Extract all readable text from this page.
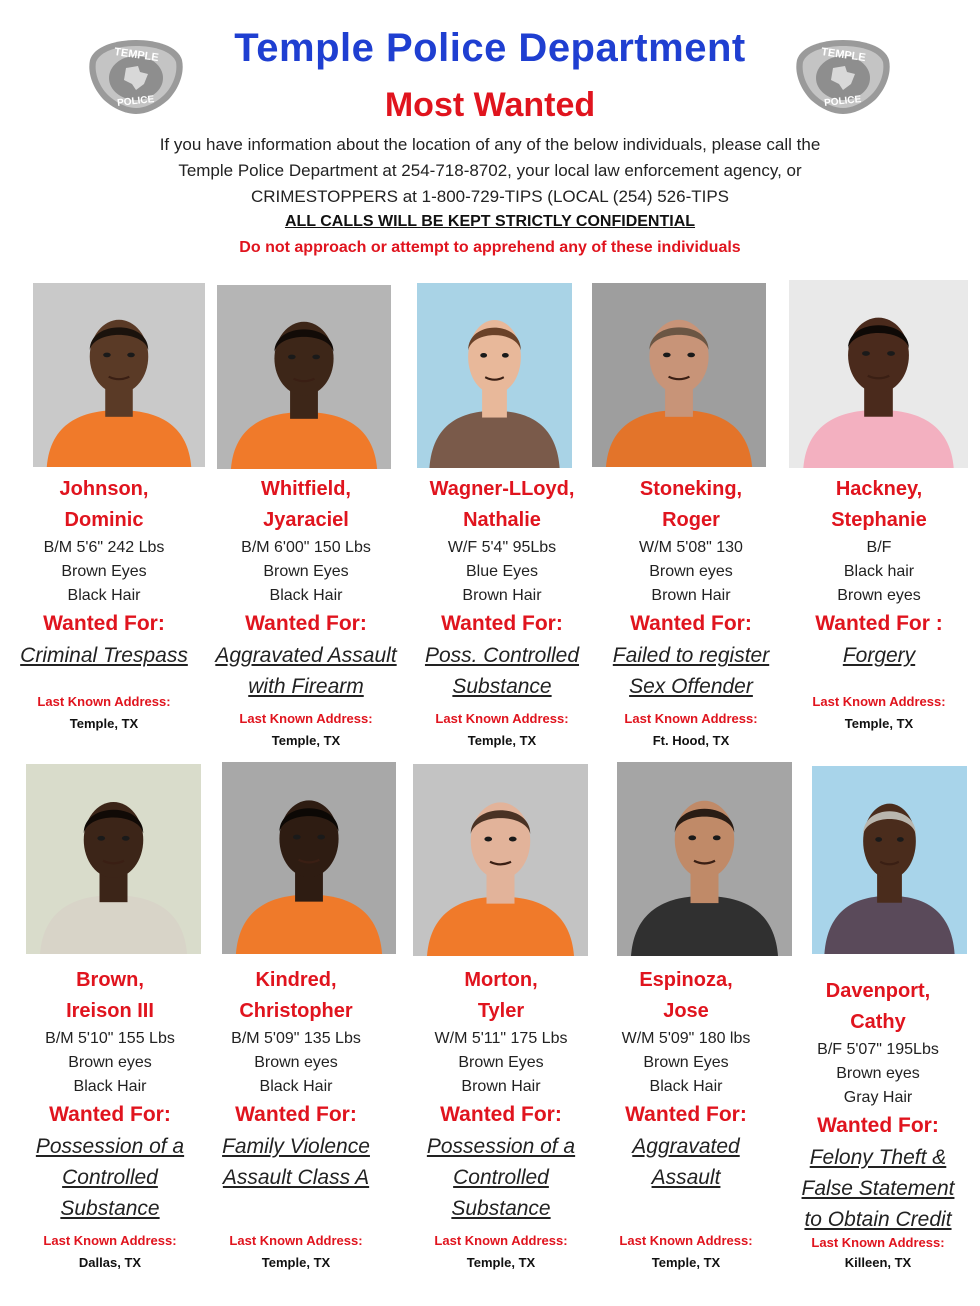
TEMPLE
POLICE
TEMPLE
POLICE
Temple Police Department
Most Wanted
If you have information about the location of any of the below individuals, please call the
Temple Police Department at 254-718-8702, your local law enforcement agency, or
CRIMESTOPPERS at 1-800-729-TIPS (LOCAL (254) 526-TIPS
ALL CALLS WILL BE KEPT STRICTLY CONFIDENTIAL
Do not approach or attempt to apprehend any of these individuals
Johnson,
Dominic
B/M 5'6" 242 Lbs
Brown Eyes
Black Hair
Wanted For:
Criminal Trespass
Last Known Address:
Temple, TX
Whitfield,
Jyaraciel
B/M 6'00" 150 Lbs
Brown Eyes
Black Hair
Wanted For:
Aggravated Assault
with Firearm
Last Known Address:
Temple, TX
Wagner-LLoyd,
Nathalie
W/F 5'4" 95Lbs
Blue Eyes
Brown Hair
Wanted For:
Poss. Controlled
Substance
Last Known Address:
Temple, TX
Stoneking,
Roger
W/M 5'08" 130
Brown eyes
Brown Hair
Wanted For:
Failed to register
Sex Offender
Last Known Address:
Ft. Hood, TX
Hackney,
Stephanie
B/F
Black hair
Brown eyes
Wanted For :
Forgery
Last Known Address:
Temple, TX
Brown,
Ireison III
B/M 5'10" 155 Lbs
Brown eyes
Black Hair
Wanted For:
Possession of a
Controlled
Substance
Last Known Address:
Dallas, TX
Kindred,
Christopher
B/M 5'09" 135 Lbs
Brown eyes
Black Hair
Wanted For:
Family Violence
Assault Class A
Last Known Address:
Temple, TX
Morton,
Tyler
W/M 5'11" 175 Lbs
Brown Eyes
Brown Hair
Wanted For:
Possession of a
Controlled
Substance
Last Known Address:
Temple, TX
Espinoza,
Jose
W/M 5'09" 180 lbs
Brown Eyes
Black Hair
Wanted For:
Aggravated
Assault
Last Known Address:
Temple, TX
Davenport,
Cathy
B/F 5'07" 195Lbs
Brown eyes
Gray Hair
Wanted For:
Felony Theft &
False Statement
to Obtain Credit
Last Known Address:
Killeen, TX
